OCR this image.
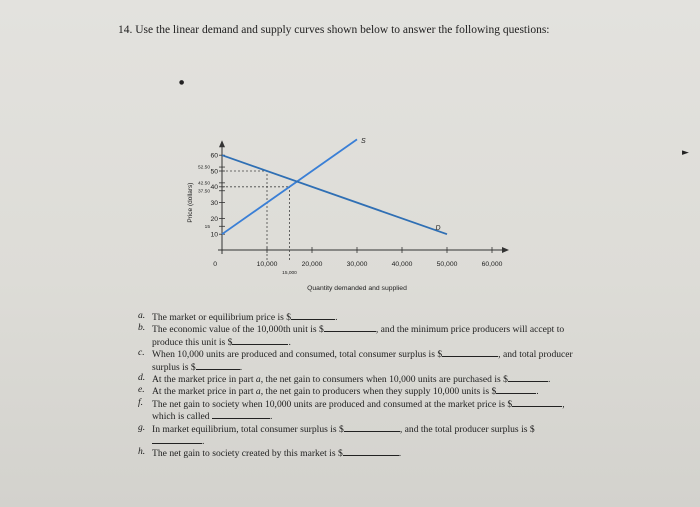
14. Use the linear demand and supply curves shown below to answer the following questions:
60
52.50
50
42.50
40
37.50
30
20
15
10
0	10,000	20,000	30,000	40,000	50,000	60,000
15,000
S
D
Price (dollars)
Quantity demanded and supplied
a. The market or equilibrium price is $	.
b. The economic value of the 10,000th unit is $	, and the minimum price producers will accept to produce this unit is $	.
c. When 10,000 units are produced and consumed, total consumer surplus is $	, and total producer surplus is $	.
d. At the market price in part a, the net gain to consumers when 10,000 units are purchased is $	.
e. At the market price in part a, the net gain to producers when they supply 10,000 units is $	.
f. The net gain to society when 10,000 units are produced and consumed at the market price is $	, which is called	.
g. In market equilibrium, total consumer surplus is $	, and the total producer surplus is $.
h. The net gain to society created by this market is $	.
►
●
